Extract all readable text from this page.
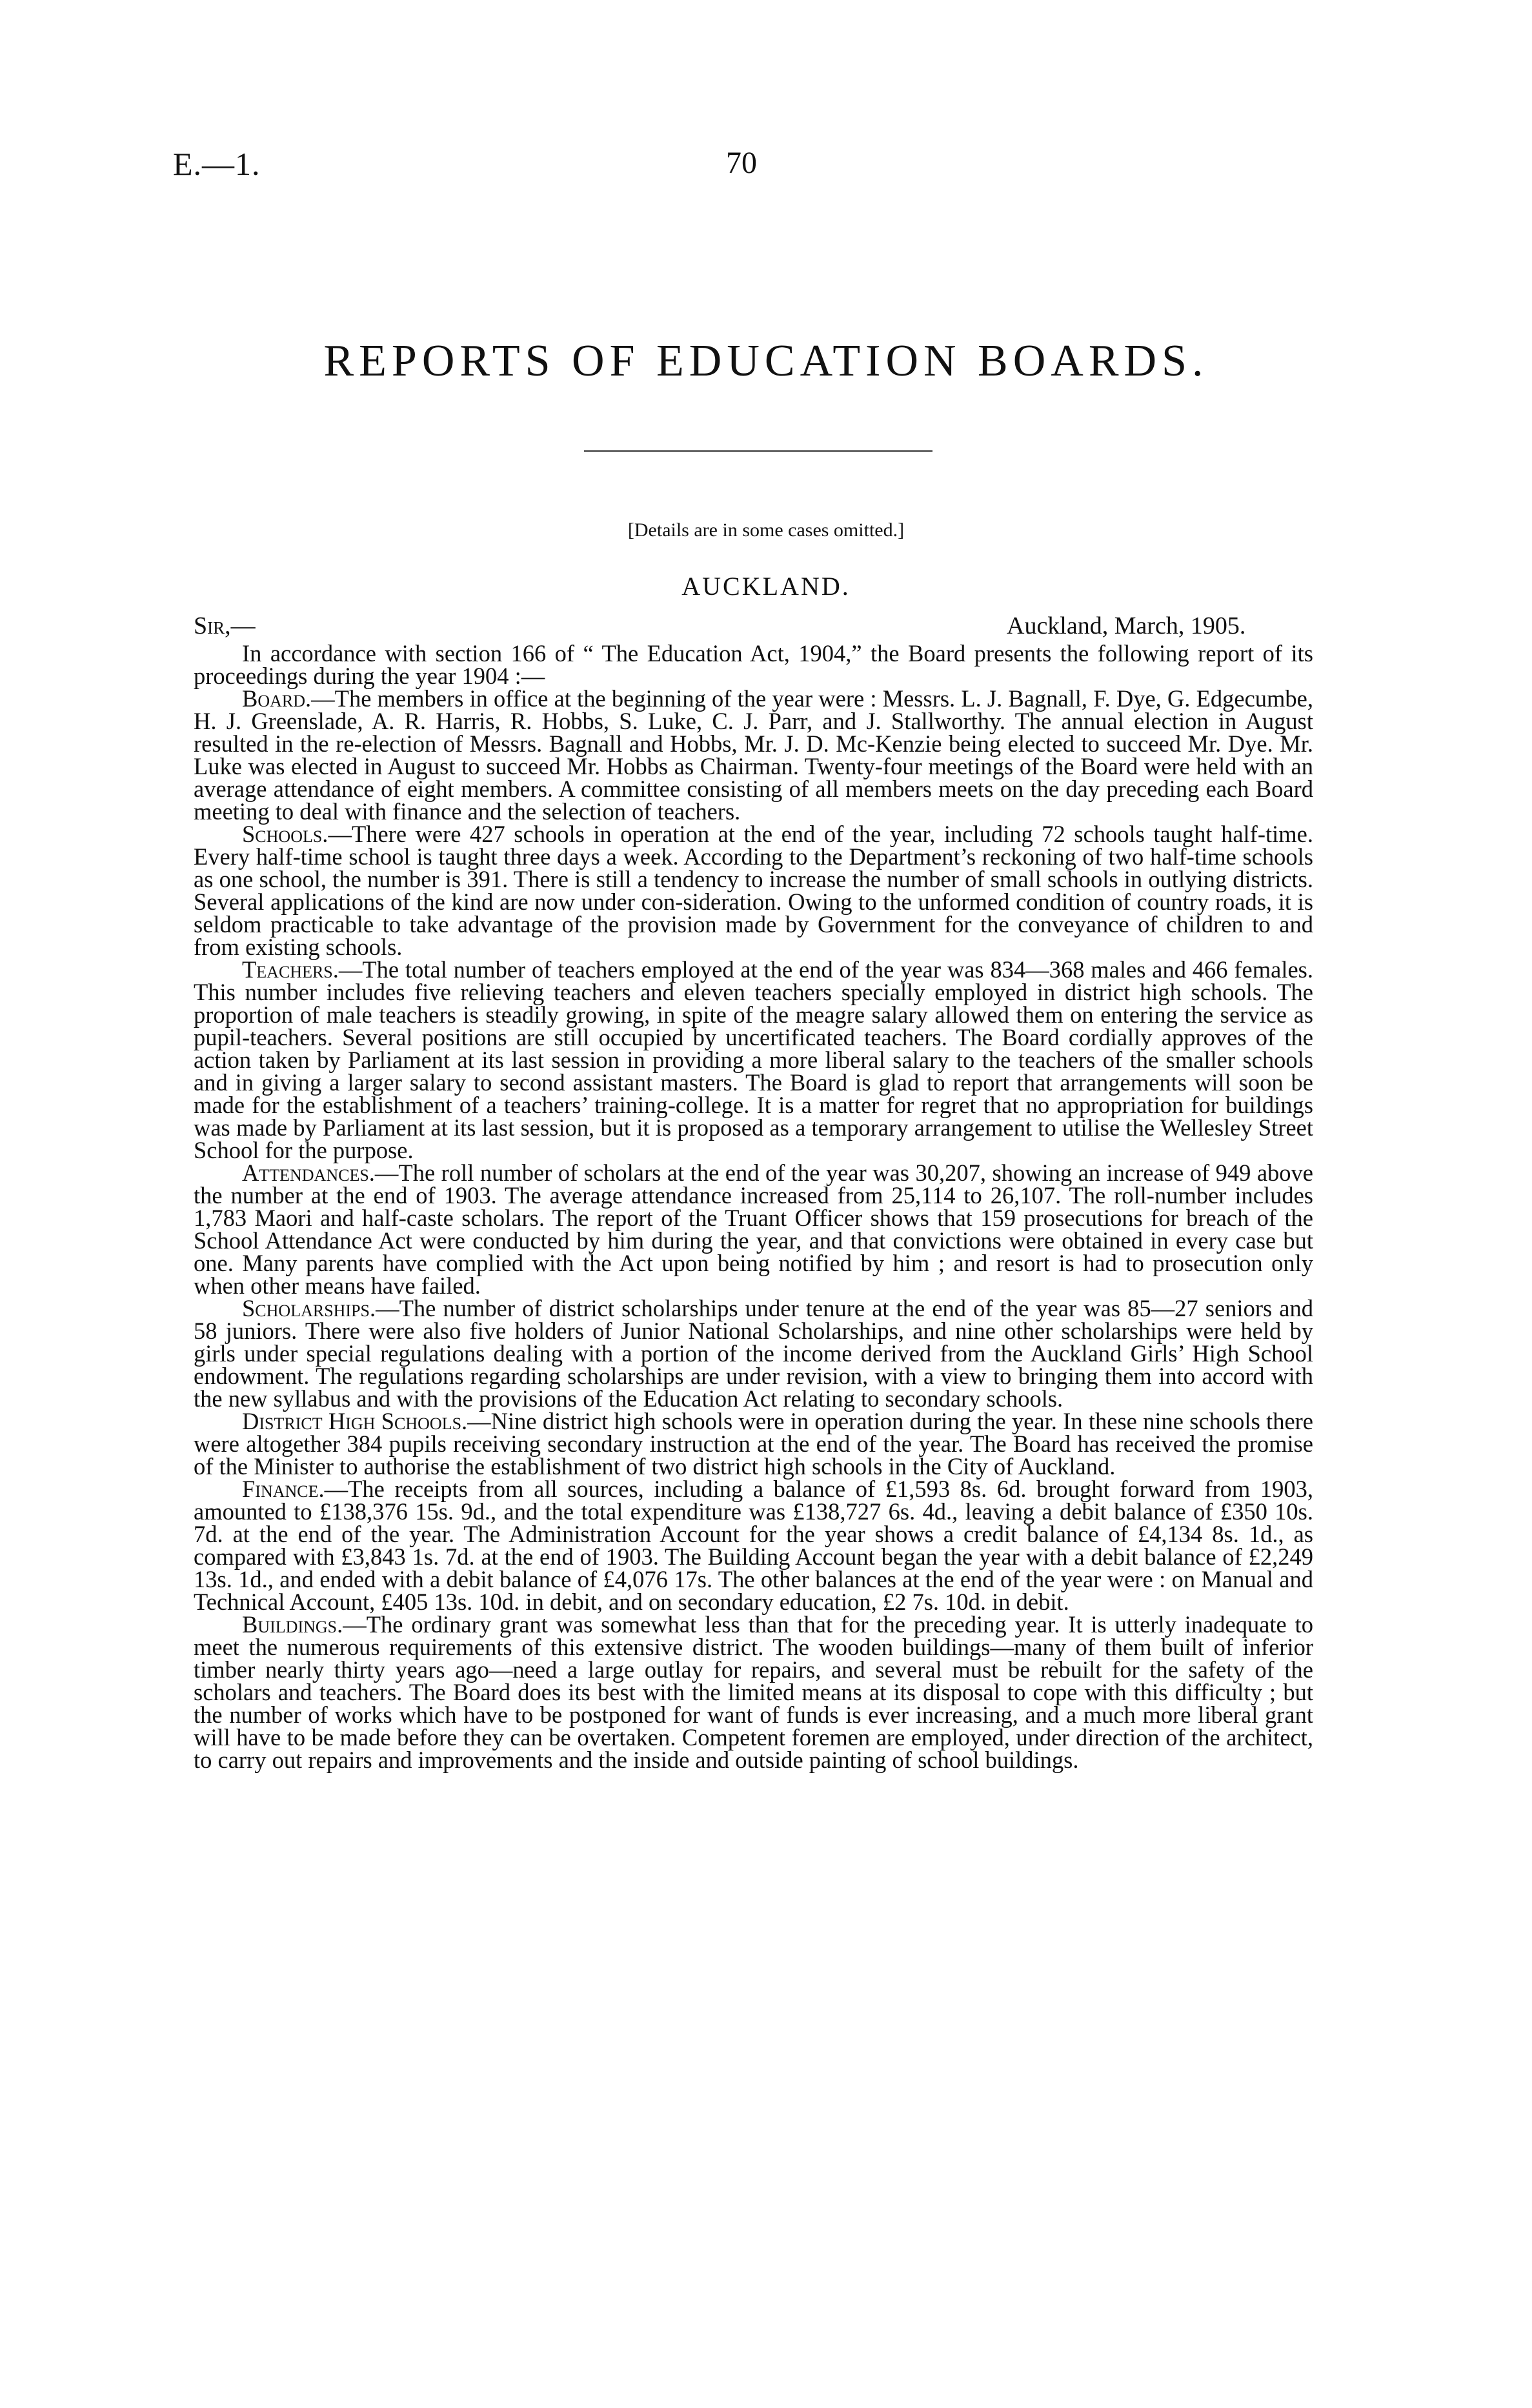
E.—1.	70
REPORTS OF EDUCATION BOARDS.
[Details are in some cases omitted.]
AUCKLAND.
Sir,—	Auckland, March, 1905.

In accordance with section 166 of “ The Education Act, 1904,” the Board presents the following report of its proceedings during the year 1904 :—

Board.—The members in office at the beginning of the year were : Messrs. L. J. Bagnall, F. Dye, G. Edgecumbe, H. J. Greenslade, A. R. Harris, R. Hobbs, S. Luke, C. J. Parr, and J. Stallworthy. The annual election in August resulted in the re-election of Messrs. Bagnall and Hobbs, Mr. J. D. Mc-Kenzie being elected to succeed Mr. Dye. Mr. Luke was elected in August to succeed Mr. Hobbs as Chairman. Twenty-four meetings of the Board were held with an average attendance of eight members. A committee consisting of all members meets on the day preceding each Board meeting to deal with finance and the selection of teachers.

Schools.—There were 427 schools in operation at the end of the year, including 72 schools taught half-time. Every half-time school is taught three days a week. According to the Department’s reckoning of two half-time schools as one school, the number is 391. There is still a tendency to increase the number of small schools in outlying districts. Several applications of the kind are now under con-sideration. Owing to the unformed condition of country roads, it is seldom practicable to take advantage of the provision made by Government for the conveyance of children to and from existing schools.

Teachers.—The total number of teachers employed at the end of the year was 834—368 males and 466 females. This number includes five relieving teachers and eleven teachers specially employed in district high schools. The proportion of male teachers is steadily growing, in spite of the meagre salary allowed them on entering the service as pupil-teachers. Several positions are still occupied by uncertificated teachers. The Board cordially approves of the action taken by Parliament at its last session in providing a more liberal salary to the teachers of the smaller schools and in giving a larger salary to second assistant masters. The Board is glad to report that arrangements will soon be made for the establishment of a teachers’ training-college. It is a matter for regret that no appropriation for buildings was made by Parliament at its last session, but it is proposed as a temporary arrangement to utilise the Wellesley Street School for the purpose.

Attendances.—The roll number of scholars at the end of the year was 30,207, showing an increase of 949 above the number at the end of 1903. The average attendance increased from 25,114 to 26,107. The roll-number includes 1,783 Maori and half-caste scholars. The report of the Truant Officer shows that 159 prosecutions for breach of the School Attendance Act were conducted by him during the year, and that convictions were obtained in every case but one. Many parents have complied with the Act upon being notified by him ; and resort is had to prosecution only when other means have failed.

Scholarships.—The number of district scholarships under tenure at the end of the year was 85—27 seniors and 58 juniors. There were also five holders of Junior National Scholarships, and nine other scholarships were held by girls under special regulations dealing with a portion of the income derived from the Auckland Girls’ High School endowment. The regulations regarding scholarships are under revision, with a view to bringing them into accord with the new syllabus and with the provisions of the Education Act relating to secondary schools.

District High Schools.—Nine district high schools were in operation during the year. In these nine schools there were altogether 384 pupils receiving secondary instruction at the end of the year. The Board has received the promise of the Minister to authorise the establishment of two district high schools in the City of Auckland.

Finance.—The receipts from all sources, including a balance of £1,593 8s. 6d. brought forward from 1903, amounted to £138,376 15s. 9d., and the total expenditure was £138,727 6s. 4d., leaving a debit balance of £350 10s. 7d. at the end of the year. The Administration Account for the year shows a credit balance of £4,134 8s. 1d., as compared with £3,843 1s. 7d. at the end of 1903. The Building Account began the year with a debit balance of £2,249 13s. 1d., and ended with a debit balance of £4,076 17s. The other balances at the end of the year were : on Manual and Technical Account, £405 13s. 10d. in debit, and on secondary education, £2 7s. 10d. in debit.

Buildings.—The ordinary grant was somewhat less than that for the preceding year. It is utterly inadequate to meet the numerous requirements of this extensive district. The wooden buildings—many of them built of inferior timber nearly thirty years ago—need a large outlay for repairs, and several must be rebuilt for the safety of the scholars and teachers. The Board does its best with the limited means at its disposal to cope with this difficulty ; but the number of works which have to be postponed for want of funds is ever increasing, and a much more liberal grant will have to be made before they can be overtaken. Competent foremen are employed, under direction of the architect, to carry out repairs and improvements and the inside and outside painting of school buildings.
